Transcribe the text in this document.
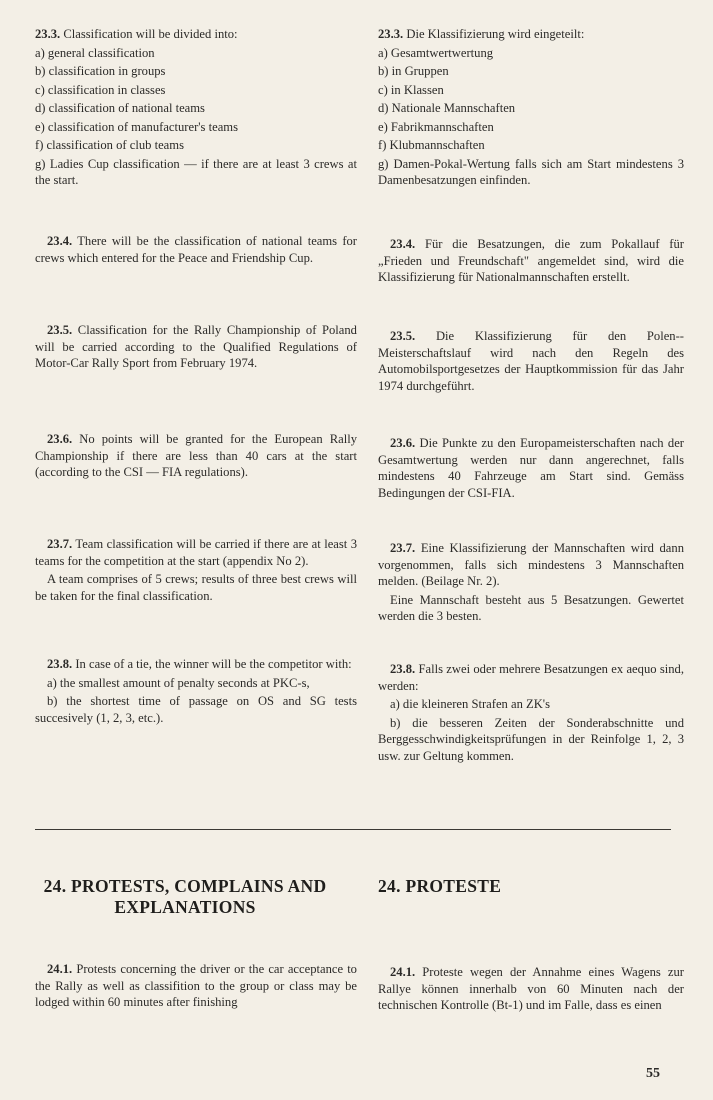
23.3. Classification will be divided into:

a) general classification

b) classification in groups

c) classification in classes

d) classification of national teams

e) classification of manufacturer's teams

f) classification of club teams

g) Ladies Cup classification — if there are at least 3 crews at the start.

23.4. There will be the classification of national teams for crews which entered for the Peace and Friendship Cup.

23.5. Classification for the Rally Championship of Poland will be carried according to the Qualified Regulations of Motor-Car Rally Sport from February 1974.

23.6. No points will be granted for the European Rally Championship if there are less than 40 cars at the start (according to the CSI — FIA regulations).

23.7. Team classification will be carried if there are at least 3 teams for the competition at the start (appendix No 2).

A team comprises of 5 crews; results of three best crews will be taken for the final classification.

23.8. In case of a tie, the winner will be the competitor with:

a) the smallest amount of penalty seconds at PKC-s,

b) the shortest time of passage on OS and SG tests succesively (1, 2, 3, etc.).

24.1. Protests concerning the driver or the car acceptance to the Rally as well as classifition to the group or class may be lodged within 60 minutes after finishing

24. PROTESTS, COMPLAINS AND EXPLANATIONS

23.3. Die Klassifizierung wird eingeteilt:

a) Gesamtwertwertung

b) in Gruppen

c) in Klassen

d) Nationale Mannschaften

e) Fabrikmannschaften

f) Klubmannschaften

g) Damen-Pokal-Wertung falls sich am Start mindestens 3 Damenbesatzungen einfinden.

23.4. Für die Besatzungen, die zum Pokallauf für „Frieden und Freundschaft" angemeldet sind, wird die Klassifizierung für Nationalmannschaften erstellt.

23.5. Die Klassifizierung für den Polen--Meisterschaftslauf wird nach den Regeln des Automobilsportgesetzes der Hauptkommission für das Jahr 1974 durchgeführt.

23.6. Die Punkte zu den Europameisterschaften nach der Gesamtwertung werden nur dann angerechnet, falls mindestens 40 Fahrzeuge am Start sind. Gemäss Bedingungen der CSI-FIA.

23.7. Eine Klassifizierung der Mannschaften wird dann vorgenommen, falls sich mindestens 3 Mannschaften melden. (Beilage Nr. 2).

Eine Mannschaft besteht aus 5 Besatzungen. Gewertet werden die 3 besten.

23.8. Falls zwei oder mehrere Besatzungen ex aequo sind, werden:

a) die kleineren Strafen an ZK's

b) die besseren Zeiten der Sonderabschnitte und Berggesschwindigkeitsprüfungen in der Reinfolge 1, 2, 3 usw. zur Geltung kommen.

24.1. Proteste wegen der Annahme eines Wagens zur Rallye können innerhalb von 60 Minuten nach der technischen Kontrolle (Bt-1) und im Falle, dass es einen

24. PROTESTE
55
